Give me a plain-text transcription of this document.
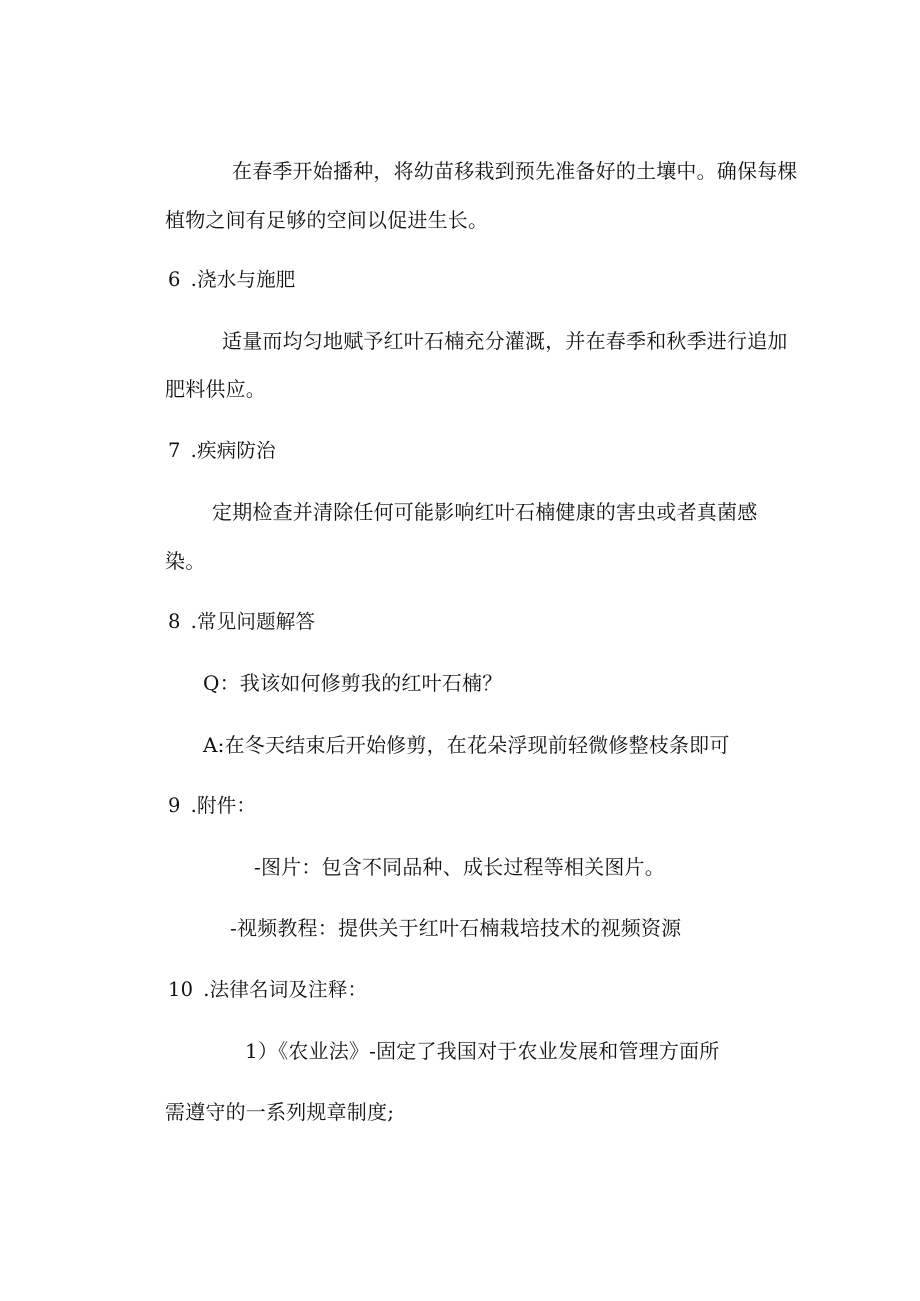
在春季开始播种，将幼苗移栽到预先准备好的土壤中。确保每棵
植物之间有足够的空间以促进生长。
6 .浇水与施肥
适量而均匀地赋予红叶石楠充分灌溉，并在春季和秋季进行追加
肥料供应。
7 .疾病防治
定期检查并清除任何可能影响红叶石楠健康的害虫或者真菌感
染。
8 .常见问题解答
Q：我该如何修剪我的红叶石楠？
A:在冬天结束后开始修剪，在花朵浮现前轻微修整枝条即可
9 .附件：
-图片：包含不同品种、成长过程等相关图片。
-视频教程：提供关于红叶石楠栽培技术的视频资源
10 .法律名词及注释：
1）《农业法》-固定了我国对于农业发展和管理方面所
需遵守的一系列规章制度;
